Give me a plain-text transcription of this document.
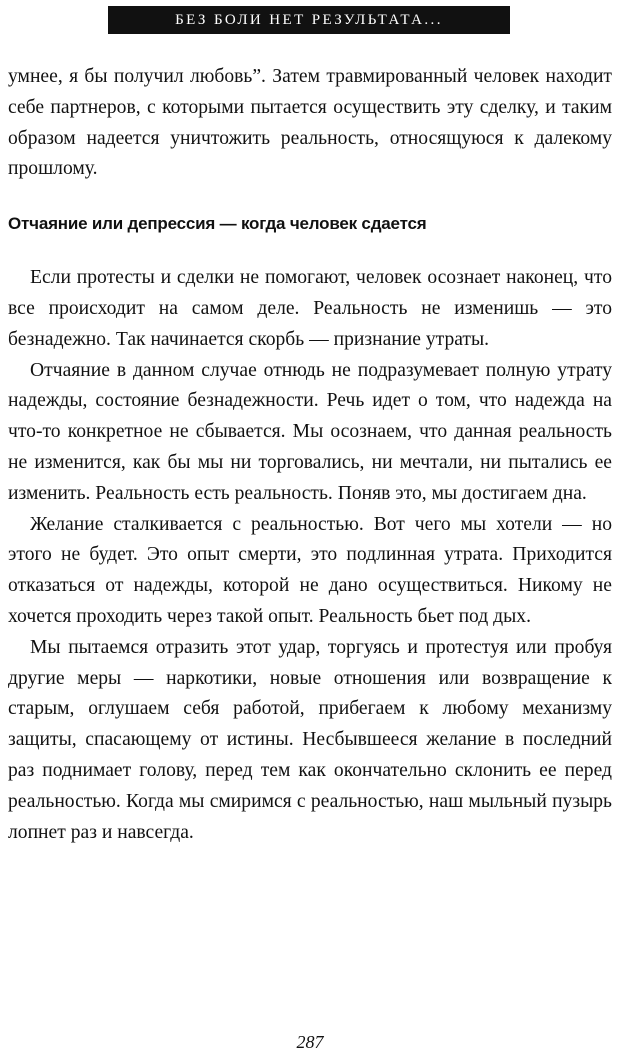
БЕЗ БОЛИ НЕТ РЕЗУЛЬТАТА...

умнее, я бы получил любовь”. Затем травмированный человек находит себе партнеров, с которыми пытается осуществить эту сделку, и таким образом надеется уничтожить реальность, относящуюся к далекому прошлому.

Отчаяние или депрессия — когда человек сдается

Если протесты и сделки не помогают, человек осознает наконец, что все происходит на самом деле. Реальность не изменишь — это безнадежно. Так начинается скорбь — признание утраты.

Отчаяние в данном случае отнюдь не подразумевает полную утрату надежды, состояние безнадежности. Речь идет о том, что надежда на что-то конкретное не сбывается. Мы осознаем, что данная реальность не изменится, как бы мы ни торговались, ни мечтали, ни пытались ее изменить. Реальность есть реальность. Поняв это, мы достигаем дна.

Желание сталкивается с реальностью. Вот чего мы хотели — но этого не будет. Это опыт смерти, это подлинная утрата. Приходится отказаться от надежды, которой не дано осуществиться. Никому не хочется проходить через такой опыт. Реальность бьет под дых.

Мы пытаемся отразить этот удар, торгуясь и протестуя или пробуя другие меры — наркотики, новые отношения или возвращение к старым, оглушаем себя работой, прибегаем к любому механизму защиты, спасающему от истины. Несбывшееся желание в последний раз поднимает голову, перед тем как окончательно склонить ее перед реальностью. Когда мы смиримся с реальностью, наш мыльный пузырь лопнет раз и навсегда.

287
